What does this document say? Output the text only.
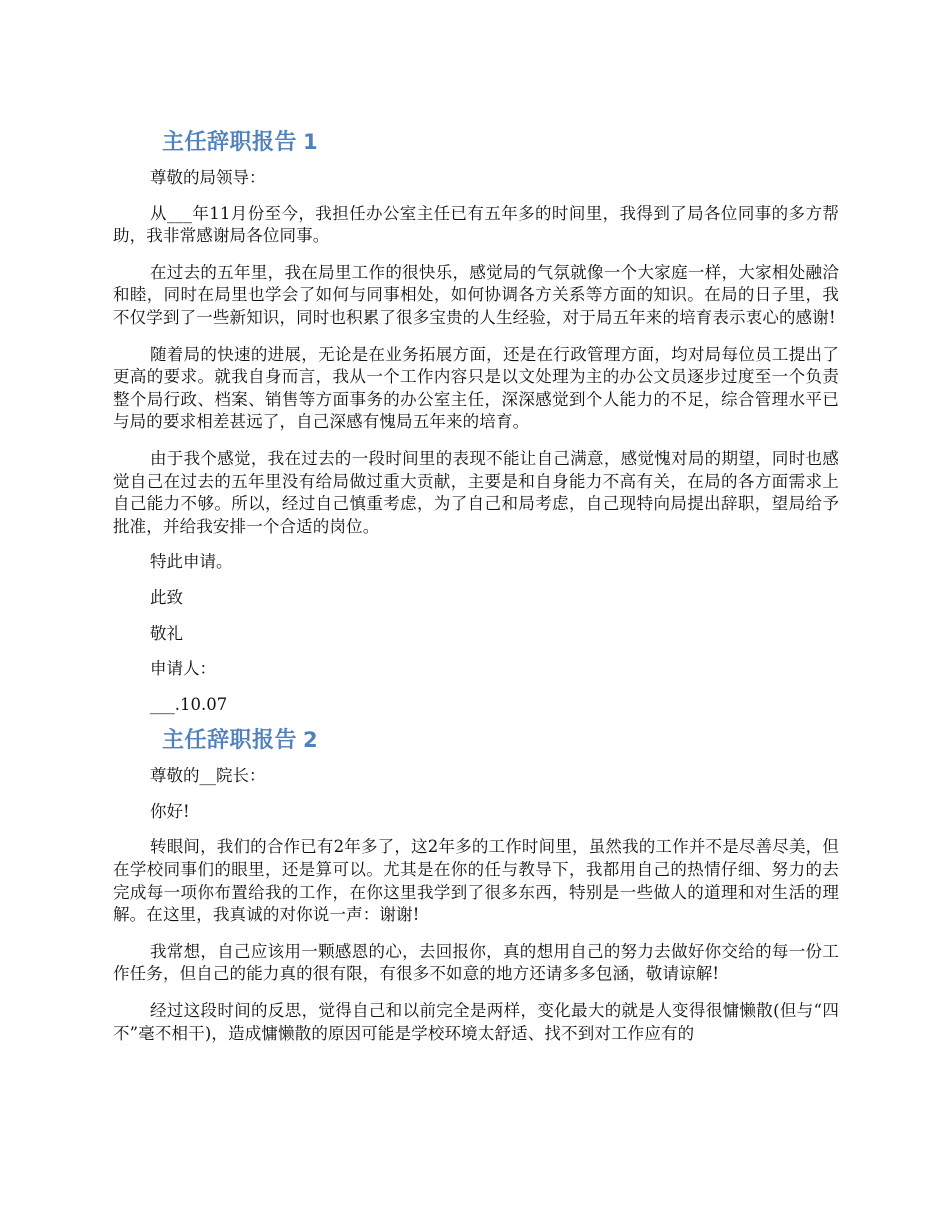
主任辞职报告 1

尊敬的局领导：

从___年11月份至今，我担任办公室主任已有五年多的时间里，我得到了局各位同事的多方帮助，我非常感谢局各位同事。

在过去的五年里，我在局里工作的很快乐，感觉局的气氛就像一个大家庭一样，大家相处融洽和睦，同时在局里也学会了如何与同事相处，如何协调各方关系等方面的知识。在局的日子里，我不仅学到了一些新知识，同时也积累了很多宝贵的人生经验，对于局五年来的培育表示衷心的感谢!

随着局的快速的进展，无论是在业务拓展方面，还是在行政管理方面，均对局每位员工提出了更高的要求。就我自身而言，我从一个工作内容只是以文处理为主的办公文员逐步过度至一个负责整个局行政、档案、销售等方面事务的办公室主任，深深感觉到个人能力的不足，综合管理水平已与局的要求相差甚远了，自己深感有愧局五年来的培育。

由于我个感觉，我在过去的一段时间里的表现不能让自己满意，感觉愧对局的期望，同时也感觉自己在过去的五年里没有给局做过重大贡献，主要是和自身能力不高有关，在局的各方面需求上自己能力不够。所以，经过自己慎重考虑，为了自己和局考虑，自己现特向局提出辞职，望局给予批准，并给我安排一个合适的岗位。

特此申请。

此致

敬礼

申请人：

___.10.07

主任辞职报告 2

尊敬的__院长：

你好!

转眼间，我们的合作已有2年多了，这2年多的工作时间里，虽然我的工作并不是尽善尽美，但在学校同事们的眼里，还是算可以。尤其是在你的任与教导下，我都用自己的热情仔细、努力的去完成每一项你布置给我的工作，在你这里我学到了很多东西，特别是一些做人的道理和对生活的理解。在这里，我真诚的对你说一声：谢谢!

我常想，自己应该用一颗感恩的心，去回报你，真的想用自己的努力去做好你交给的每一份工作任务，但自己的能力真的很有限，有很多不如意的地方还请多多包涵，敬请谅解!

经过这段时间的反思，觉得自己和以前完全是两样，变化最大的就是人变得很慵懒散(但与“四不”毫不相干)，造成慵懒散的原因可能是学校环境太舒适、找不到对工作应有的
